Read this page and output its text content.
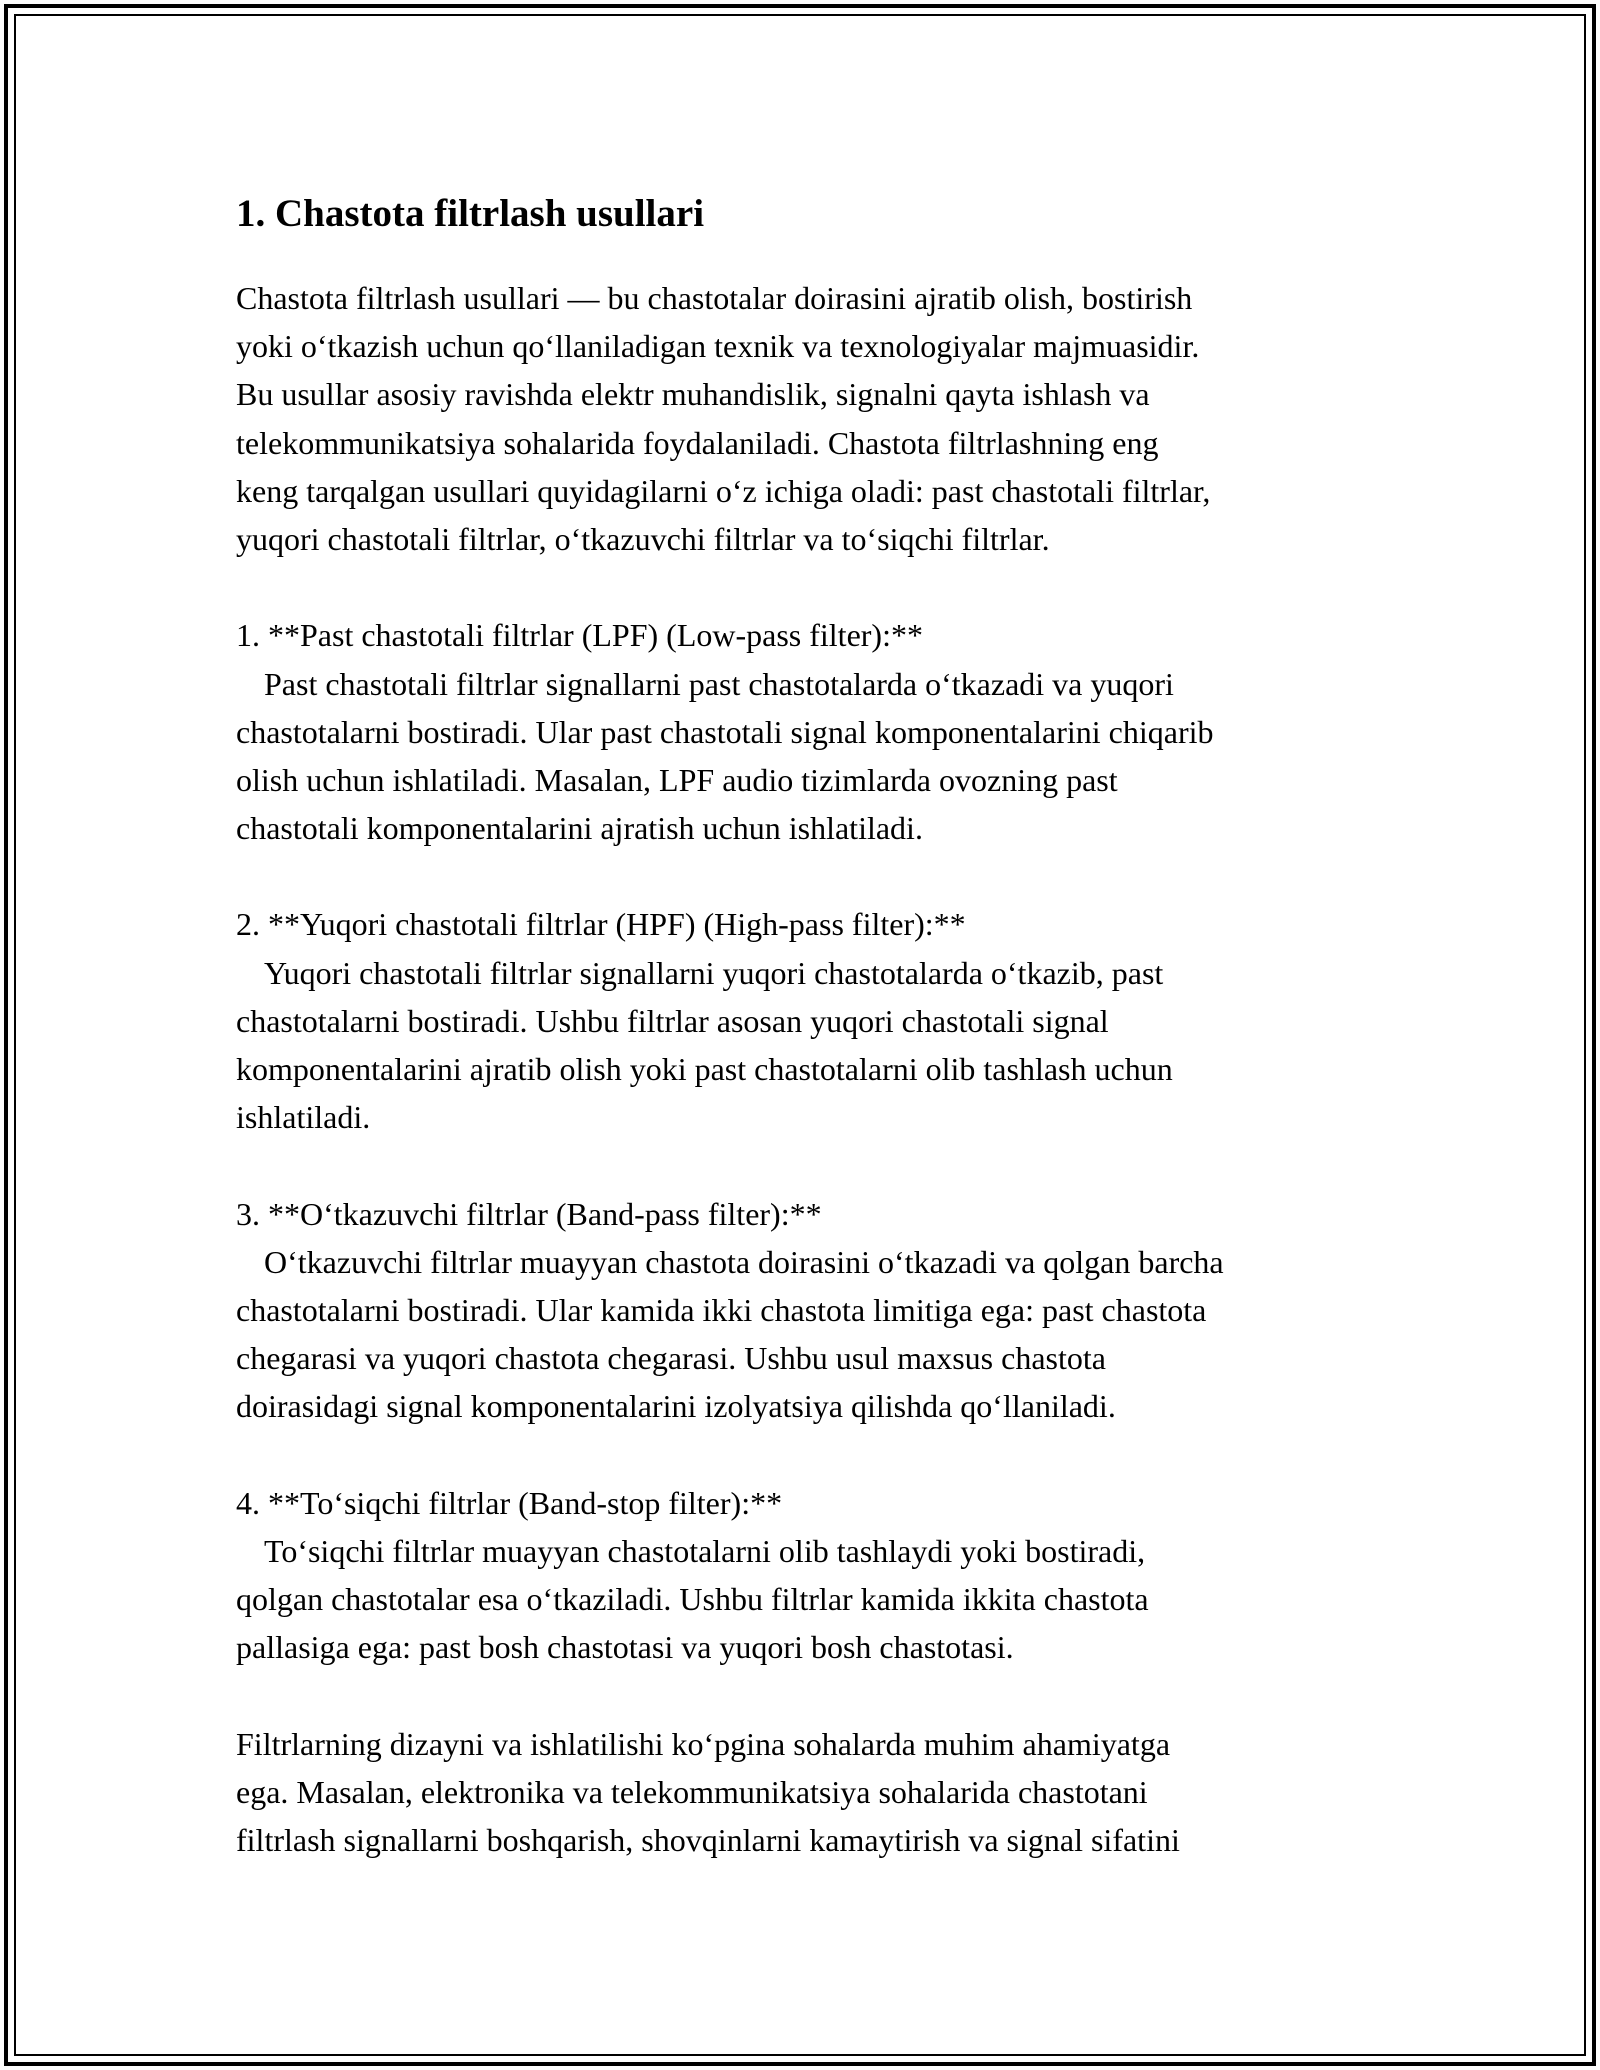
1. Chastota filtrlash usullari
Chastota filtrlash usullari — bu chastotalar doirasini ajratib olish, bostirish
yoki o‘tkazish uchun qo‘llaniladigan texnik va texnologiyalar majmuasidir.
Bu usullar asosiy ravishda elektr muhandislik, signalni qayta ishlash va
telekommunikatsiya sohalarida foydalaniladi. Chastota filtrlashning eng
keng tarqalgan usullari quyidagilarni o‘z ichiga oladi: past chastotali filtrlar,
yuqori chastotali filtrlar, o‘tkazuvchi filtrlar va to‘siqchi filtrlar.
1. **Past chastotali filtrlar (LPF) (Low-pass filter):**
Past chastotali filtrlar signallarni past chastotalarda o‘tkazadi va yuqori
chastotalarni bostiradi. Ular past chastotali signal komponentalarini chiqarib
olish uchun ishlatiladi. Masalan, LPF audio tizimlarda ovozning past
chastotali komponentalarini ajratish uchun ishlatiladi.
2. **Yuqori chastotali filtrlar (HPF) (High-pass filter):**
Yuqori chastotali filtrlar signallarni yuqori chastotalarda o‘tkazib, past
chastotalarni bostiradi. Ushbu filtrlar asosan yuqori chastotali signal
komponentalarini ajratib olish yoki past chastotalarni olib tashlash uchun
ishlatiladi.
3. **O‘tkazuvchi filtrlar (Band-pass filter):**
O‘tkazuvchi filtrlar muayyan chastota doirasini o‘tkazadi va qolgan barcha
chastotalarni bostiradi. Ular kamida ikki chastota limitiga ega: past chastota
chegarasi va yuqori chastota chegarasi. Ushbu usul maxsus chastota
doirasidagi signal komponentalarini izolyatsiya qilishda qo‘llaniladi.
4. **To‘siqchi filtrlar (Band-stop filter):**
To‘siqchi filtrlar muayyan chastotalarni olib tashlaydi yoki bostiradi,
qolgan chastotalar esa o‘tkaziladi. Ushbu filtrlar kamida ikkita chastota
pallasiga ega: past bosh chastotasi va yuqori bosh chastotasi.
Filtrlarning dizayni va ishlatilishi ko‘pgina sohalarda muhim ahamiyatga
ega. Masalan, elektronika va telekommunikatsiya sohalarida chastotani
filtrlash signallarni boshqarish, shovqinlarni kamaytirish va signal sifatini
